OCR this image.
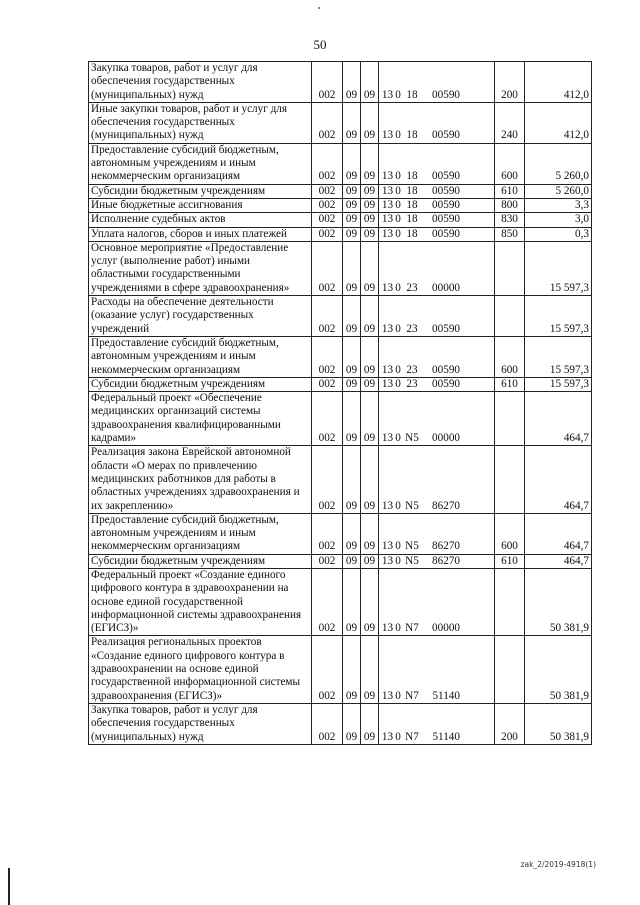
50
Закупка товаров, работ и услуг для обеспечения государственных (муниципальных) нужд	002	09	09	13 0 18 00590	200	412,0
Иные закупки товаров, работ и услуг для обеспечения государственных (муниципальных) нужд	002	09	09	13 0 18 00590	240	412,0
Предоставление субсидий бюджетным, автономным учреждениям и иным некоммерческим организациям	002	09	09	13 0 18 00590	600	5 260,0
Субсидии бюджетным учреждениям	002	09	09	13 0 18 00590	610	5 260,0
Иные бюджетные ассигнования	002	09	09	13 0 18 00590	800	3,3
Исполнение судебных актов	002	09	09	13 0 18 00590	830	3,0
Уплата налогов, сборов и иных платежей	002	09	09	13 0 18 00590	850	0,3
Основное мероприятие «Предоставление услуг (выполнение работ) иными областными государственными учреждениями в сфере здравоохранения»	002	09	09	13 0 23 00000		15 597,3
Расходы на обеспечение деятельности (оказание услуг) государственных учреждений	002	09	09	13 0 23 00590		15 597,3
Предоставление субсидий бюджетным, автономным учреждениям и иным некоммерческим организациям	002	09	09	13 0 23 00590	600	15 597,3
Субсидии бюджетным учреждениям	002	09	09	13 0 23 00590	610	15 597,3
Федеральный проект «Обеспечение медицинских организаций системы здравоохранения квалифицированными кадрами»	002	09	09	13 0 N5 00000		464,7
Реализация закона Еврейской автономной области «О мерах по привлечению медицинских работников для работы в областных учреждениях здравоохранения и их закреплению»	002	09	09	13 0 N5 86270		464,7
Предоставление субсидий бюджетным, автономным учреждениям и иным некоммерческим организациям	002	09	09	13 0 N5 86270	600	464,7
Субсидии бюджетным учреждениям	002	09	09	13 0 N5 86270	610	464,7
Федеральный проект «Создание единого цифрового контура в здравоохранении на основе единой государственной информационной системы здравоохранения (ЕГИСЗ)»	002	09	09	13 0 N7 00000		50 381,9
Реализация региональных проектов «Создание единого цифрового контура в здравоохранении на основе единой государственной информационной системы здравоохранения (ЕГИСЗ)»	002	09	09	13 0 N7 51140		50 381,9
Закупка товаров, работ и услуг для обеспечения государственных (муниципальных) нужд	002	09	09	13 0 N7 51140	200	50 381,9
zak_2/2019-4918(1)
